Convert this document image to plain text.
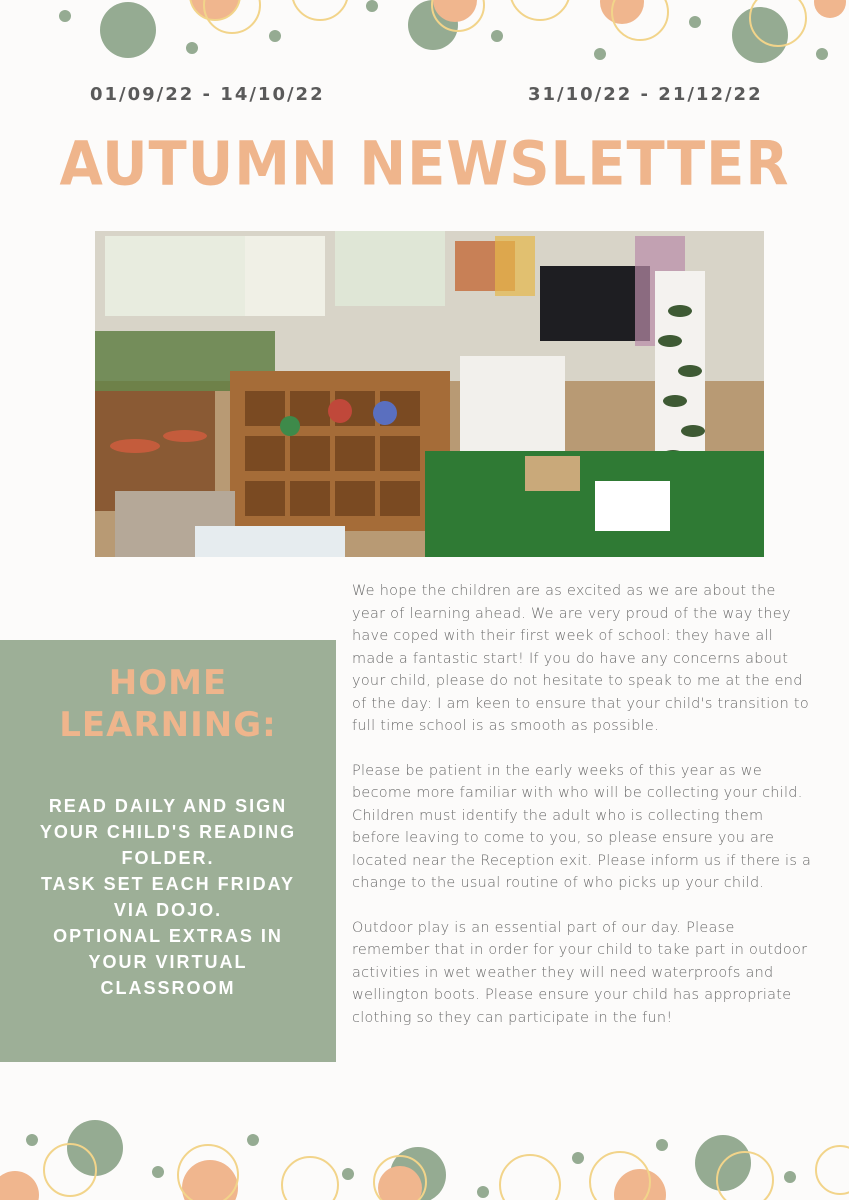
01/09/22 - 14/10/22	31/10/22 - 21/12/22
AUTUMN NEWSLETTER
HOME
LEARNING:
READ DAILY AND SIGN
YOUR CHILD'S READING
FOLDER.
TASK SET EACH FRIDAY
VIA DOJO.
OPTIONAL EXTRAS IN
YOUR VIRTUAL
CLASSROOM

We hope the children are as excited as we are about the year of learning ahead. We are very proud of the way they have coped with their first week of school: they have all made a fantastic start! If you do have any concerns about your child, please do not hesitate to speak to me at the end of the day: I am keen to ensure that your child's transition to full time school is as smooth as possible.

Please be patient in the early weeks of this year as we become more familiar with who will be collecting your child. Children must identify the adult who is collecting them before leaving to come to you, so please ensure you are located near the Reception exit. Please inform us if there is a change to the usual routine of who picks up your child.

Outdoor play is an essential part of our day. Please remember that in order for your child to take part in outdoor activities in wet weather they will need waterproofs and wellington boots. Please ensure your child has appropriate clothing so they can participate in the fun!
